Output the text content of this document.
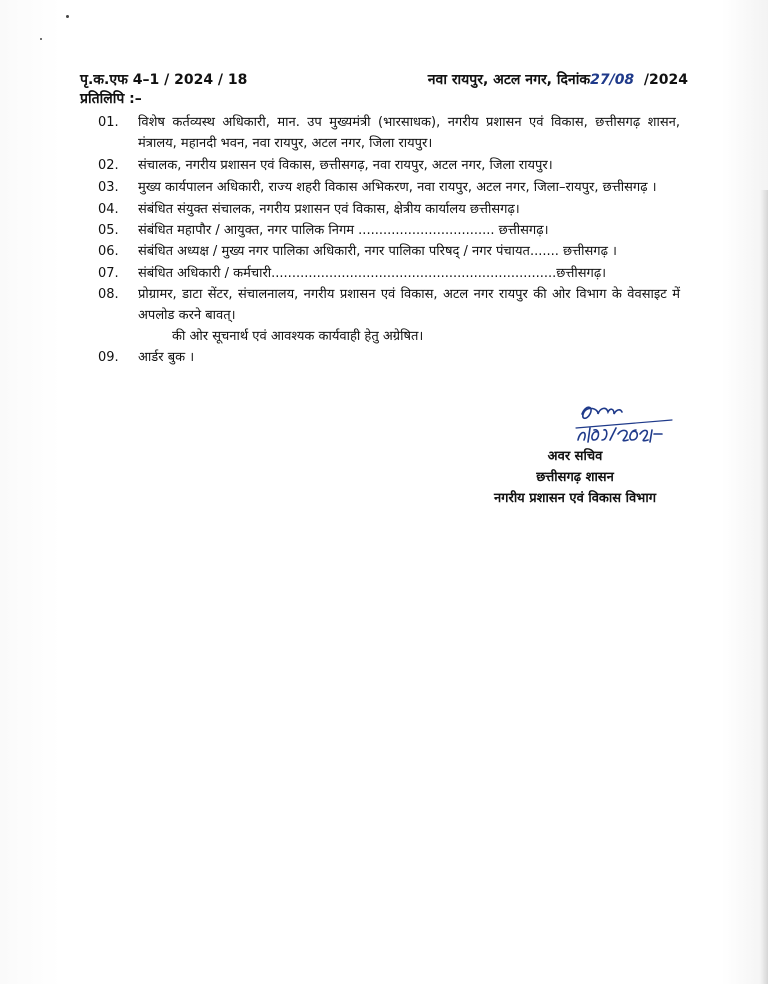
पृ.क.एफ 4–1 / 2024 / 18	नवा रायपुर, अटल नगर, दिनांक27/08 /2024
प्रतिलिपि :–
01.	विशेष कर्तव्यस्थ अधिकारी, मान. उप मुख्यमंत्री (भारसाधक), नगरीय प्रशासन एवं विकास, छत्तीसगढ़ शासन, मंत्रालय, महानदी भवन, नवा रायपुर, अटल नगर, जिला रायपुर।
02.	संचालक, नगरीय प्रशासन एवं विकास, छत्तीसगढ़, नवा रायपुर, अटल नगर, जिला रायपुर।
03.	मुख्य कार्यपालन अधिकारी, राज्य शहरी विकास अभिकरण, नवा रायपुर, अटल नगर, जिला–रायपुर, छत्तीसगढ़ ।
04.	संबंधित संयुक्त संचालक, नगरीय प्रशासन एवं विकास, क्षेत्रीय कार्यालय छत्तीसगढ़।
05.	संबंधित महापौर / आयुक्त, नगर पालिक निगम ................................. छत्तीसगढ़।
06.	संबंधित अध्यक्ष / मुख्य नगर पालिका अधिकारी, नगर पालिका परिषद् / नगर पंचायत....... छत्तीसगढ़ ।
07.	संबंधित अधिकारी / कर्मचारी.....................................................................छत्तीसगढ़।
08.	प्रोग्रामर, डाटा सेंटर, संचालनालय, नगरीय प्रशासन एवं विकास, अटल नगर रायपुर की ओर विभाग के वेवसाइट में अपलोड करने बावत्।
की ओर सूचनार्थ एवं आवश्यक कार्यवाही हेतु अग्रेषित।
09.	आर्डर बुक ।
अवर सचिव
छत्तीसगढ़ शासन
नगरीय प्रशासन एवं विकास विभाग
